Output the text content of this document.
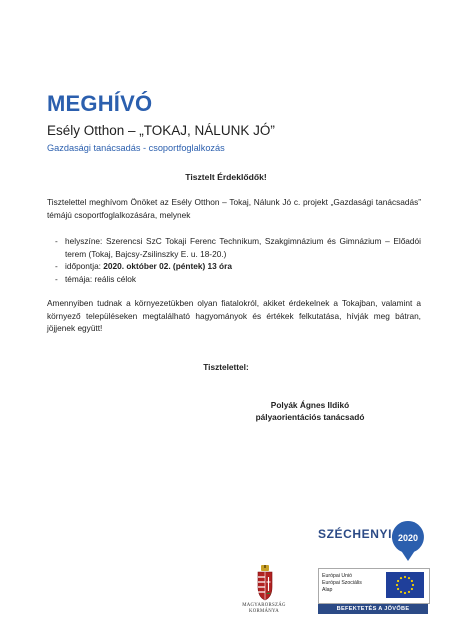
MEGHÍVÓ
Esély Otthon – „TOKAJ, NÁLUNK JÓ”
Gazdasági tanácsadás - csoportfoglalkozás
Tisztelt Érdeklődők!
Tisztelettel meghívom Önöket az Esély Otthon – Tokaj, Nálunk Jó c. projekt „Gazdasági tanácsadás” témájú csoportfoglalkozására, melynek
- helyszíne: Szerencsi SzC Tokaji Ferenc Technikum, Szakgimnázium és Gimnázium – Előadói terem (Tokaj, Bajcsy-Zsilinszky E. u. 18-20.)
- időpontja: 2020. október 02. (péntek) 13 óra
- témája: reális célok
Amennyiben tudnak a környezetükben olyan fiatalokról, akiket érdekelnek a Tokajban, valamint a környező településeken megtalálható hagyományok és értékek felkutatása, hívják meg bátran, jöjjenek együtt!
Tisztelettel:
Polyák Ágnes Ildikó
pályaorientációs tanácsadó
SZÉCHENYI 2020
MAGYARORSZÁG
KORMÁNYA
Európai Unió
Európai Szociális
Alap
BEFEKTETÉS A JÖVŐBE
